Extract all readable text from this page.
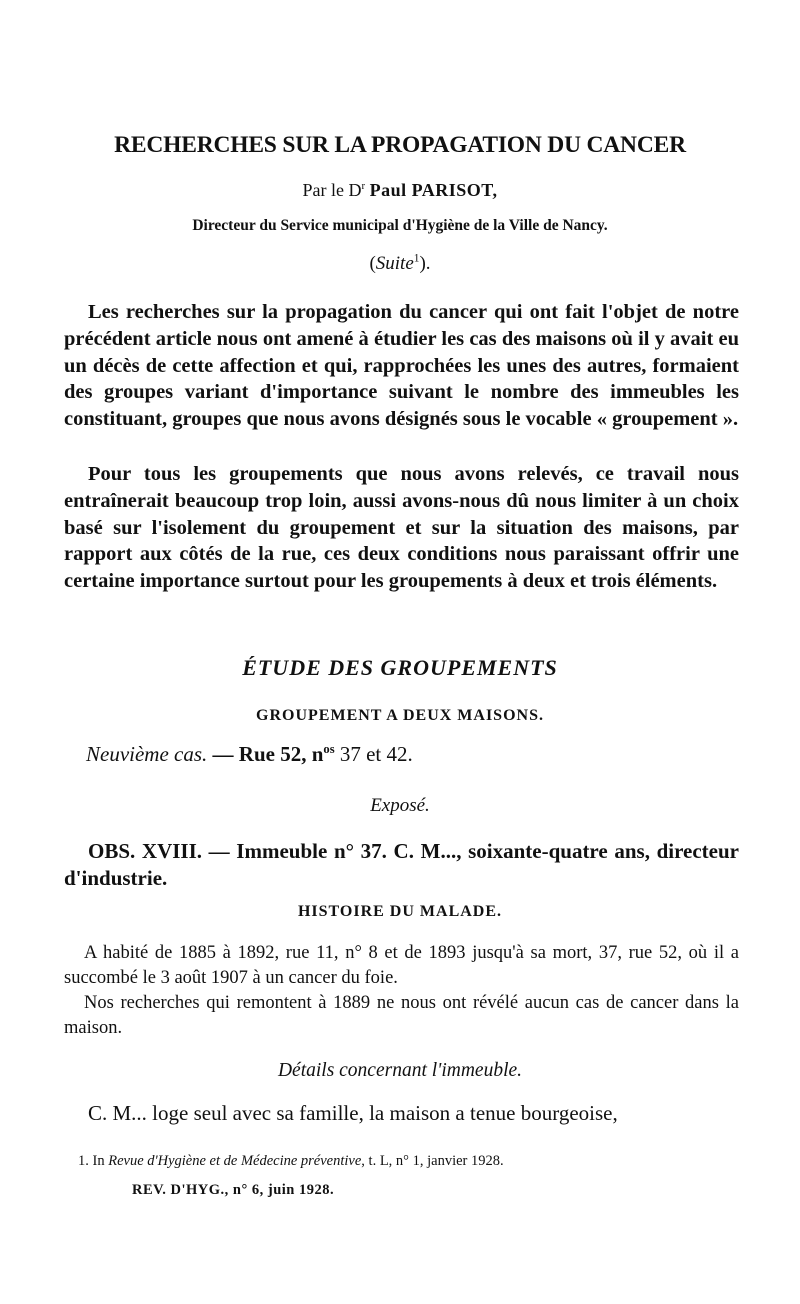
RECHERCHES SUR LA PROPAGATION DU CANCER
Par le $D^r$ Paul PARISOT,
Directeur du Service municipal d'Hygiène de la Ville de Nancy.
(Suite$^1$).

Les recherches sur la propagation du cancer qui ont fait l'objet de notre précédent article nous ont amené à étudier les cas des maisons où il y avait eu un décès de cette affection et qui, rapprochées les unes des autres, formaient des groupes variant d'importance suivant le nombre des immeubles les constituant, groupes que nous avons désignés sous le vocable « groupement ».

Pour tous les groupements que nous avons relevés, ce travail nous entraînerait beaucoup trop loin, aussi avons-nous dû nous limiter à un choix basé sur l'isolement du groupement et sur la situation des maisons, par rapport aux côtés de la rue, ces deux conditions nous paraissant offrir une certaine importance surtout pour les groupements à deux et trois éléments.

ÉTUDE DES GROUPEMENTS
GROUPEMENT A DEUX MAISONS.
Neuvième cas. — Rue 52, $n^{os}$ 37 et 42.
Exposé.

OBS. XVIII. — Immeuble n° 37. C. M..., soixante-quatre ans, directeur d'industrie.

HISTOIRE DU MALADE.

A habité de 1885 à 1892, rue 11, n° 8 et de 1893 jusqu'à sa mort, 37, rue 52, où il a succombé le 3 août 1907 à un cancer du foie.

Nos recherches qui remontent à 1889 ne nous ont révélé aucun cas de cancer dans la maison.

Détails concernant l'immeuble.

C. M... loge seul avec sa famille, la maison a tenue bourgeoise,

1. In Revue d'Hygiène et de Médecine préventive, t. L, n° 1, janvier 1928.
REV. D'HYG., n° 6, juin 1928.
